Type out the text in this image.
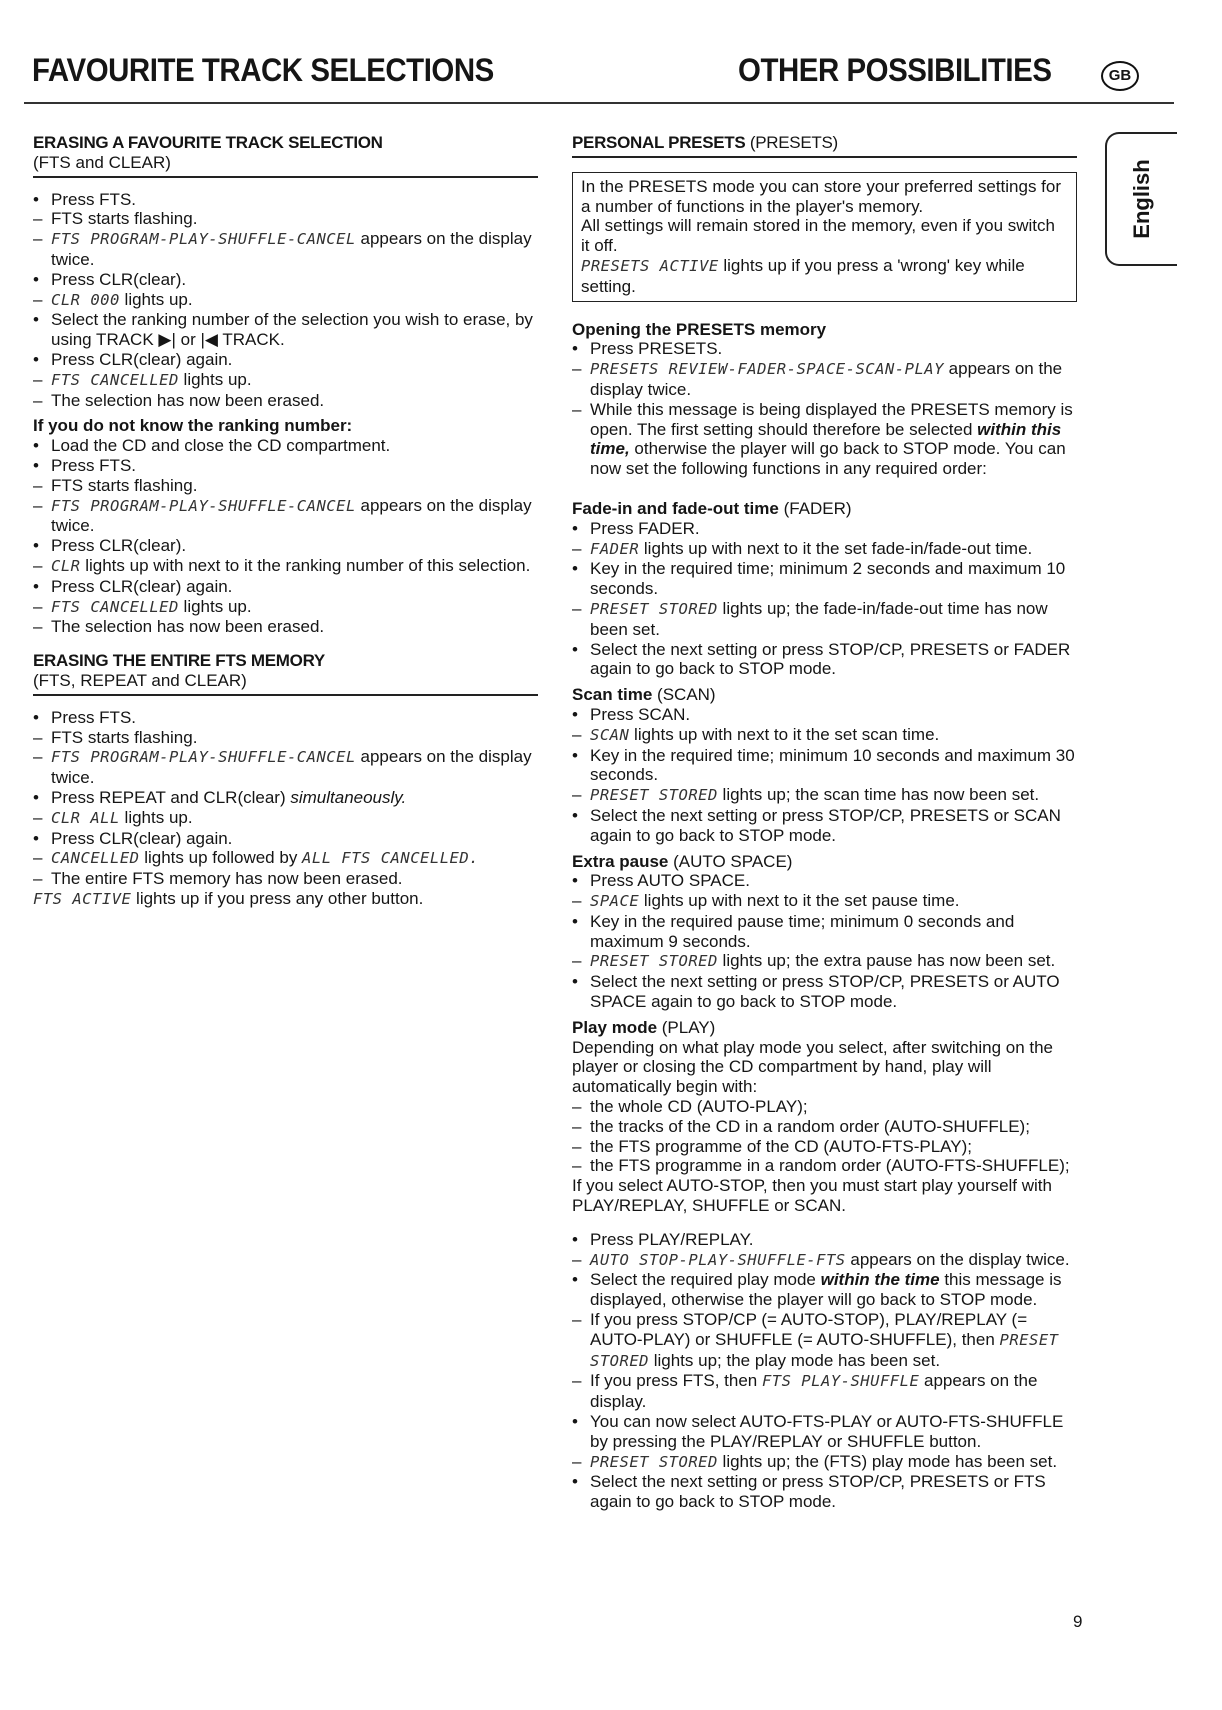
FAVOURITE TRACK SELECTIONS	OTHER POSSIBILITIES	GB
ERASING A FAVOURITE TRACK SELECTION
(FTS and CLEAR)
• Press FTS.
– FTS starts flashing.
– FTS PROGRAM-PLAY-SHUFFLE-CANCEL appears on the display twice.
• Press CLR(clear).
– CLR 000 lights up.
• Select the ranking number of the selection you wish to erase, by using TRACK ▶| or |◀ TRACK.
• Press CLR(clear) again.
– FTS CANCELLED lights up.
– The selection has now been erased.
If you do not know the ranking number:
• Load the CD and close the CD compartment.
• Press FTS.
– FTS starts flashing.
– FTS PROGRAM-PLAY-SHUFFLE-CANCEL appears on the display twice.
• Press CLR(clear).
– CLR lights up with next to it the ranking number of this selection.
• Press CLR(clear) again.
– FTS CANCELLED lights up.
– The selection has now been erased.
ERASING THE ENTIRE FTS MEMORY
(FTS, REPEAT and CLEAR)
• Press FTS.
– FTS starts flashing.
– FTS PROGRAM-PLAY-SHUFFLE-CANCEL appears on the display twice.
• Press REPEAT and CLR(clear) simultaneously.
– CLR ALL lights up.
• Press CLR(clear) again.
– CANCELLED lights up followed by ALL FTS CANCELLED.
– The entire FTS memory has now been erased.
FTS ACTIVE lights up if you press any other button.
PERSONAL PRESETS (PRESETS)
In the PRESETS mode you can store your preferred settings for a number of functions in the player's memory.
All settings will remain stored in the memory, even if you switch it off.
PRESETS ACTIVE lights up if you press a 'wrong' key while setting.
Opening the PRESETS memory
• Press PRESETS.
– PRESETS REVIEW-FADER-SPACE-SCAN-PLAY appears on the display twice.
– While this message is being displayed the PRESETS memory is open. The first setting should therefore be selected within this time, otherwise the player will go back to STOP mode. You can now set the following functions in any required order:
Fade-in and fade-out time (FADER)
• Press FADER.
– FADER lights up with next to it the set fade-in/fade-out time.
• Key in the required time; minimum 2 seconds and maximum 10 seconds.
– PRESET STORED lights up; the fade-in/fade-out time has now been set.
• Select the next setting or press STOP/CP, PRESETS or FADER again to go back to STOP mode.
Scan time (SCAN)
• Press SCAN.
– SCAN lights up with next to it the set scan time.
• Key in the required time; minimum 10 seconds and maximum 30 seconds.
– PRESET STORED lights up; the scan time has now been set.
• Select the next setting or press STOP/CP, PRESETS or SCAN again to go back to STOP mode.
Extra pause (AUTO SPACE)
• Press AUTO SPACE.
– SPACE lights up with next to it the set pause time.
• Key in the required pause time; minimum 0 seconds and maximum 9 seconds.
– PRESET STORED lights up; the extra pause has now been set.
• Select the next setting or press STOP/CP, PRESETS or AUTO SPACE again to go back to STOP mode.
Play mode (PLAY)
Depending on what play mode you select, after switching on the player or closing the CD compartment by hand, play will automatically begin with:
– the whole CD (AUTO-PLAY);
– the tracks of the CD in a random order (AUTO-SHUFFLE);
– the FTS programme of the CD (AUTO-FTS-PLAY);
– the FTS programme in a random order (AUTO-FTS-SHUFFLE);
If you select AUTO-STOP, then you must start play yourself with PLAY/REPLAY, SHUFFLE or SCAN.
• Press PLAY/REPLAY.
– AUTO STOP-PLAY-SHUFFLE-FTS appears on the display twice.
• Select the required play mode within the time this message is displayed, otherwise the player will go back to STOP mode.
– If you press STOP/CP (= AUTO-STOP), PLAY/REPLAY (= AUTO-PLAY) or SHUFFLE (= AUTO-SHUFFLE), then PRESET STORED lights up; the play mode has been set.
– If you press FTS, then FTS PLAY-SHUFFLE appears on the display.
• You can now select AUTO-FTS-PLAY or AUTO-FTS-SHUFFLE by pressing the PLAY/REPLAY or SHUFFLE button.
– PRESET STORED lights up; the (FTS) play mode has been set.
• Select the next setting or press STOP/CP, PRESETS or FTS again to go back to STOP mode.
English
9
